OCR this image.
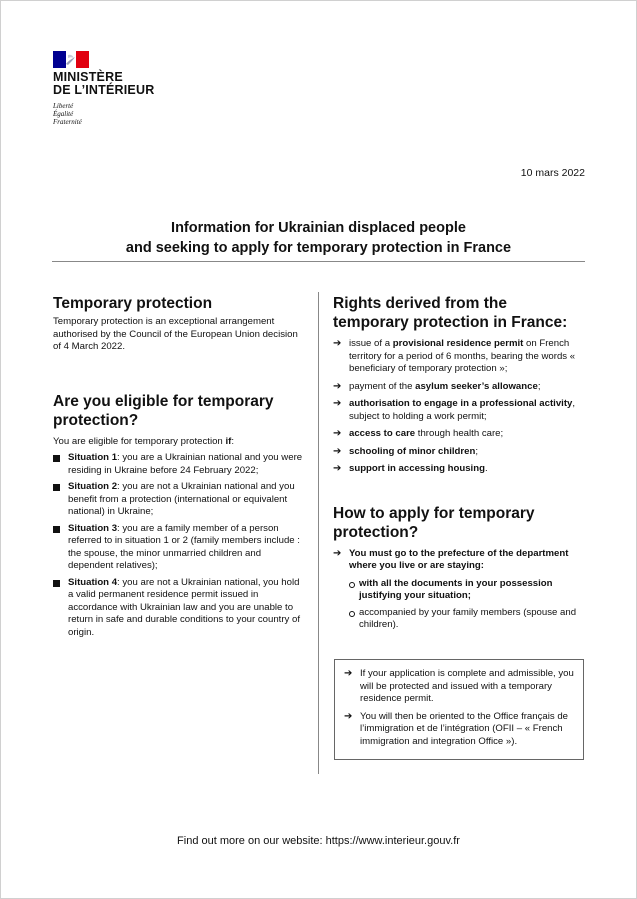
MINISTÈRE
DE L’INTÉRIEUR
Liberté
Égalité
Fraternité
10 mars 2022
Information for Ukrainian displaced people
and seeking to apply for temporary protection in France
Temporary protection
Temporary protection is an exceptional arrangement authorised by the Council of the European Union decision of 4 March 2022.
Are you eligible for temporary protection?
You are eligible for temporary protection if:
Situation 1: you are a Ukrainian national and you were residing in Ukraine before 24 February 2022;
Situation 2: you are not a Ukrainian national and you benefit from a protection (international or equivalent national) in Ukraine;
Situation 3: you are a family member of a person referred to in situation 1 or 2 (family members include : the spouse, the minor unmarried children and dependent relatives);
Situation 4: you are not a Ukrainian national, you hold a valid permanent residence permit issued in accordance with Ukrainian law and you are unable to return in safe and durable conditions to your country of origin.
Rights derived from the temporary protection in France:
➔ issue of a provisional residence permit on French territory for a period of 6 months, bearing the words « beneficiary of temporary protection »;
➔ payment of the asylum seeker’s allowance;
➔ authorisation to engage in a professional activity, subject to holding a work permit;
➔ access to care through health care;
➔ schooling of minor children;
➔ support in accessing housing.
How to apply for temporary protection?
➔ You must go to the prefecture of the department where you live or are staying:
with all the documents in your possession justifying your situation;
accompanied by your family members (spouse and children).
➔ If your application is complete and admissible, you will be protected and issued with a temporary residence permit.
➔ You will then be oriented to the Office français de l’immigration et de l’intégration (OFII – « French immigration and integration Office »).
Find out more on our website: https://www.interieur.gouv.fr
